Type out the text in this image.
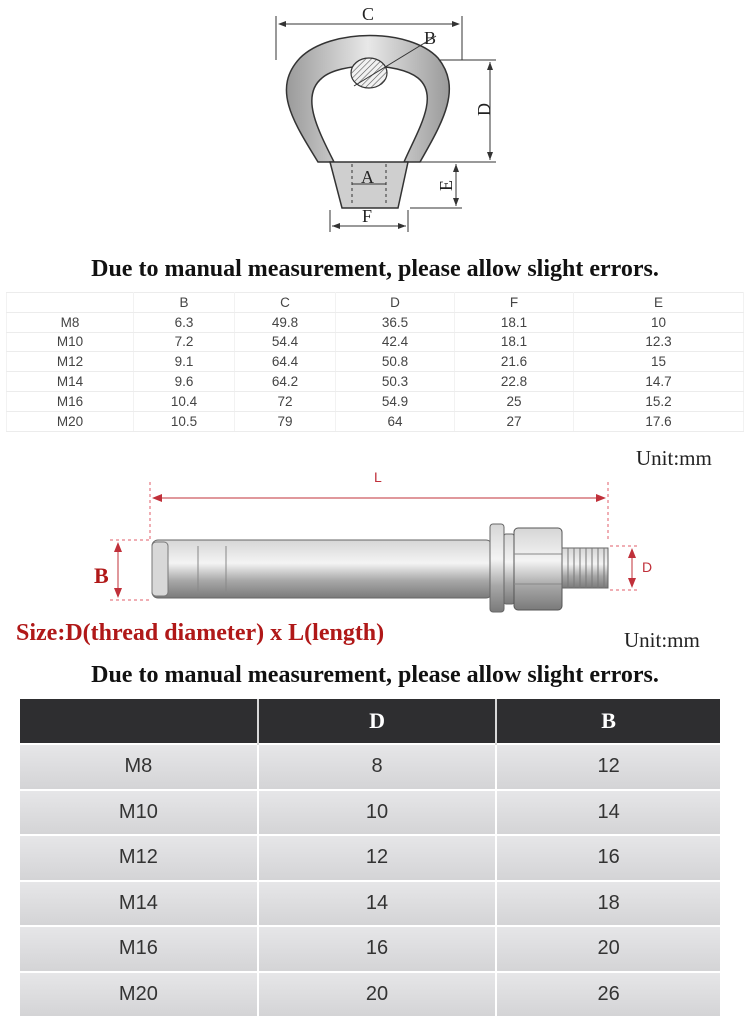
C
B
D
A	E
F
Due to manual measurement, please allow slight errors.
	B	C	D	F	E
M8	6.3	49.8	36.5	18.1	10
M10	7.2	54.4	42.4	18.1	12.3
M12	9.1	64.4	50.8	21.6	15
M14	9.6	64.2	50.3	22.8	14.7
M16	10.4	72	54.9	25	15.2
M20	10.5	79	64	27	17.6
Unit:mm
L
B	D
Size:D(thread diameter) x L(length)	Unit:mm
Due to manual measurement, please allow slight errors.
	D	B
M8	8	12
M10	10	14
M12	12	16
M14	14	18
M16	16	20
M20	20	26
